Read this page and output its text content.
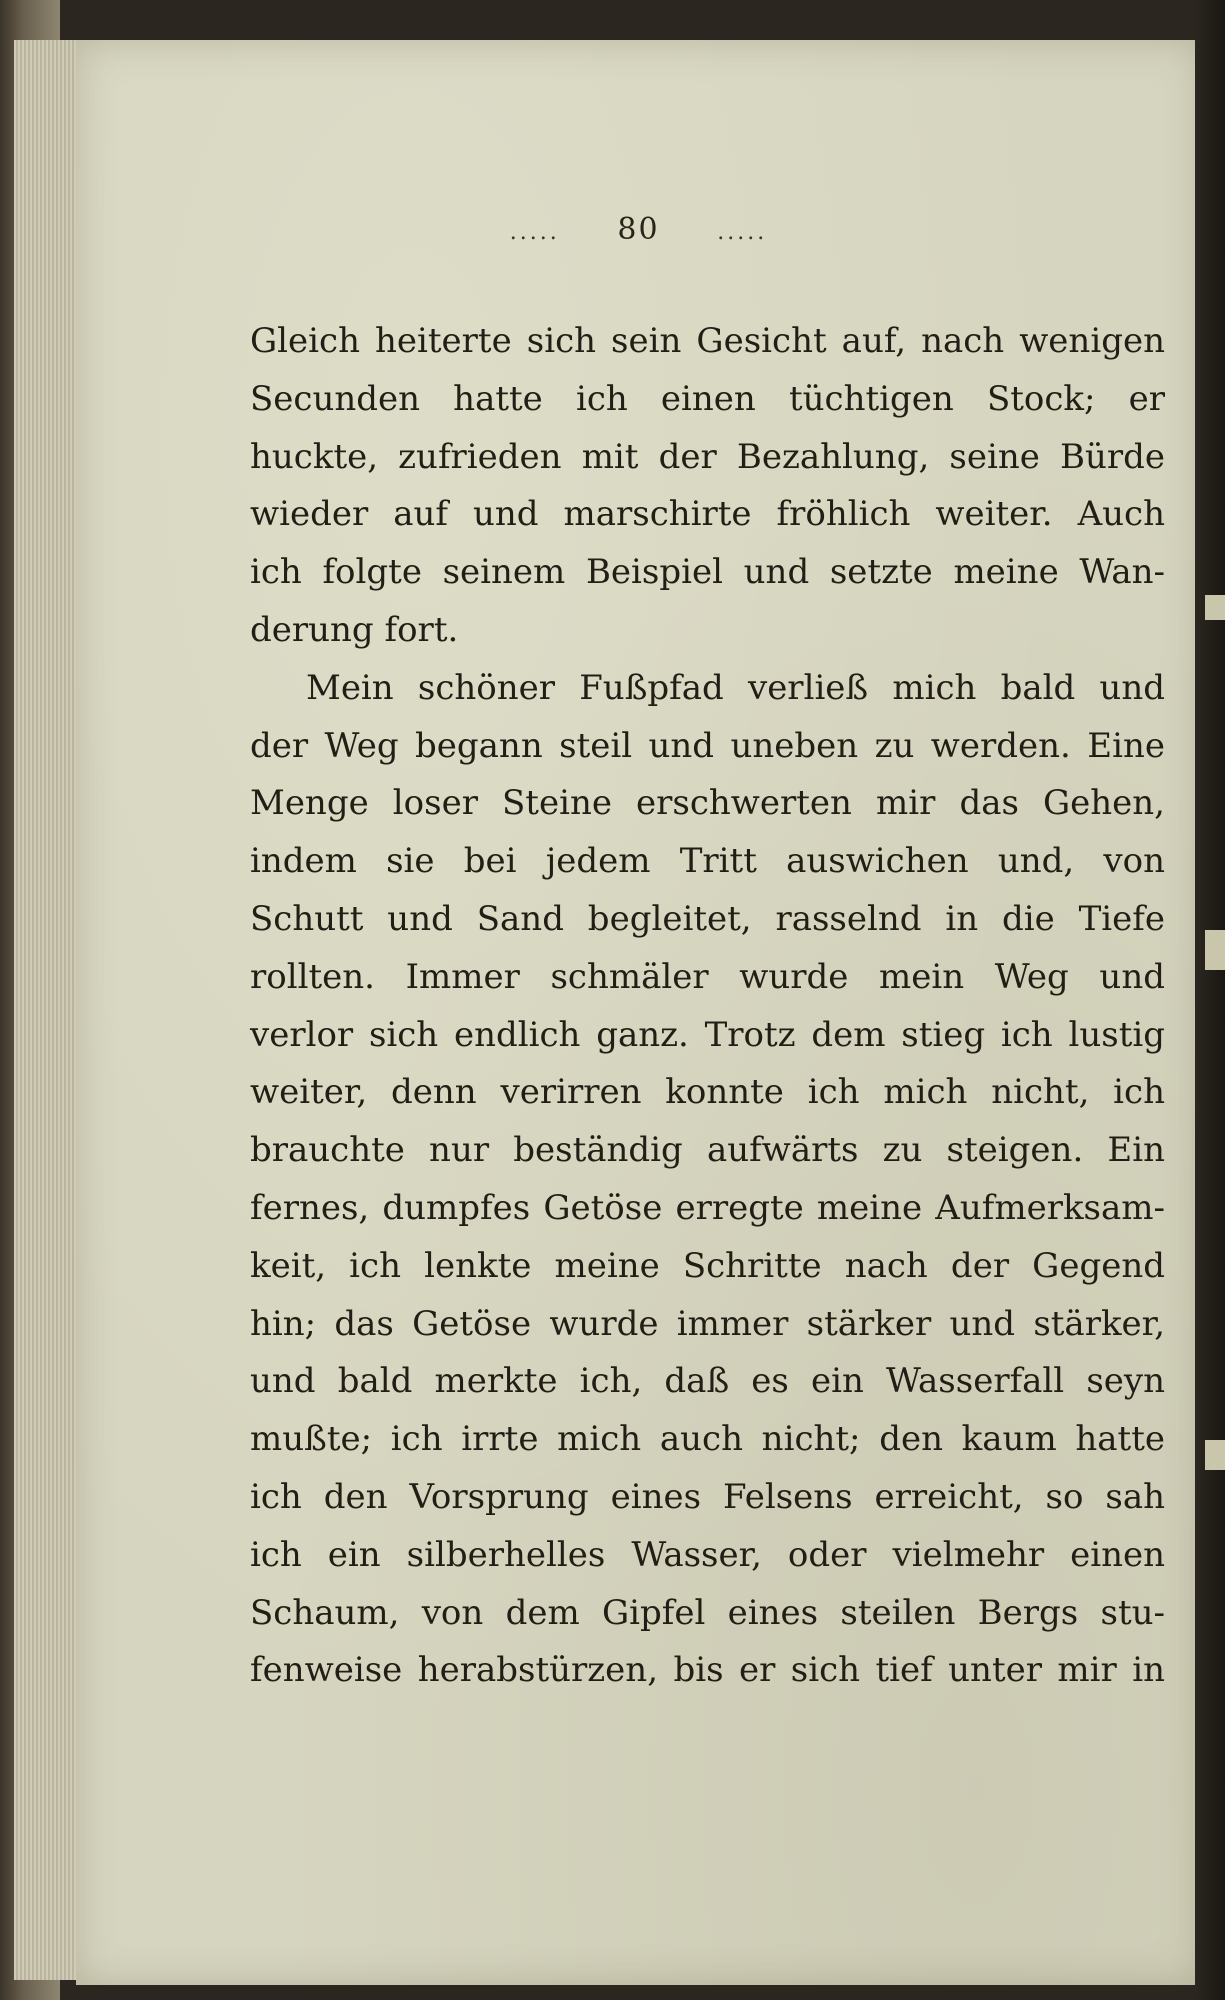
..... 80	.....

Gleich heiterte sich sein Gesicht auf, nach wenigen
Secunden hatte ich einen tüchtigen Stock; er
huckte, zufrieden mit der Bezahlung, seine Bürde
wieder auf und marschirte fröhlich weiter. Auch
ich folgte seinem Beispiel und setzte meine Wan-
derung fort.

Mein schöner Fußpfad verließ mich bald und
der Weg begann steil und uneben zu werden. Eine
Menge loser Steine erschwerten mir das Gehen,
indem sie bei jedem Tritt auswichen und, von
Schutt und Sand begleitet, rasselnd in die Tiefe
rollten. Immer schmäler wurde mein Weg und
verlor sich endlich ganz. Trotz dem stieg ich lustig
weiter, denn verirren konnte ich mich nicht, ich
brauchte nur beständig aufwärts zu steigen. Ein
fernes, dumpfes Getöse erregte meine Aufmerksam-
keit, ich lenkte meine Schritte nach der Gegend
hin; das Getöse wurde immer stärker und stärker,
und bald merkte ich, daß es ein Wasserfall seyn
mußte; ich irrte mich auch nicht; den kaum hatte
ich den Vorsprung eines Felsens erreicht, so sah
ich ein silberhelles Wasser, oder vielmehr einen
Schaum, von dem Gipfel eines steilen Bergs stu-
fenweise herabstürzen, bis er sich tief unter mir in
